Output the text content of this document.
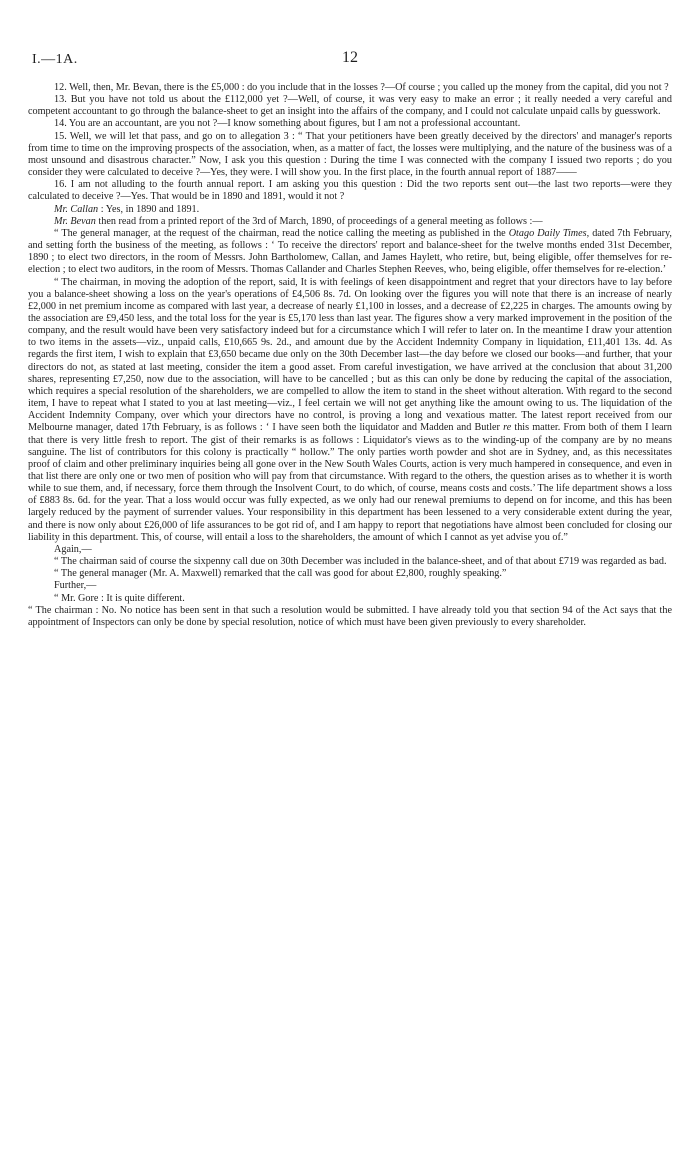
I.—1A.	12

12. Well, then, Mr. Bevan, there is the £5,000 : do you include that in the losses ?—Of course ; you called up the money from the capital, did you not ?

13. But you have not told us about the £112,000 yet ?—Well, of course, it was very easy to make an error ; it really needed a very careful and competent accountant to go through the balance-sheet to get an insight into the affairs of the company, and I could not calculate unpaid calls by guesswork.

14. You are an accountant, are you not ?—I know something about figures, but I am not a professional accountant.

15. Well, we will let that pass, and go on to allegation 3 : “ That your petitioners have been greatly deceived by the directors' and manager's reports from time to time on the improving prospects of the association, when, as a matter of fact, the losses were multiplying, and the nature of the business was of a most unsound and disastrous character.” Now, I ask you this question : During the time I was connected with the company I issued two reports ; do you consider they were calculated to deceive ?—Yes, they were. I will show you. In the first place, in the fourth annual report of 1887——

16. I am not alluding to the fourth annual report. I am asking you this question : Did the two reports sent out—the last two reports—were they calculated to deceive ?—Yes. That would be in 1890 and 1891, would it not ?

Mr. Callan : Yes, in 1890 and 1891.

Mr. Bevan then read from a printed report of the 3rd of March, 1890, of proceedings of a general meeting as follows :—

“ The general manager, at the request of the chairman, read the notice calling the meeting as published in the Otago Daily Times, dated 7th February, and setting forth the business of the meeting, as follows : ‘ To receive the directors' report and balance-sheet for the twelve months ended 31st December, 1890 ; to elect two directors, in the room of Messrs. John Bartholomew, Callan, and James Haylett, who retire, but, being eligible, offer themselves for re-election ; to elect two auditors, in the room of Messrs. Thomas Callander and Charles Stephen Reeves, who, being eligible, offer themselves for re-election.’

“ The chairman, in moving the adoption of the report, said, It is with feelings of keen disappointment and regret that your directors have to lay before you a balance-sheet showing a loss on the year's operations of £4,506 8s. 7d. On looking over the figures you will note that there is an increase of nearly £2,000 in net premium income as compared with last year, a decrease of nearly £1,100 in losses, and a decrease of £2,225 in charges. The amounts owing by the association are £9,450 less, and the total loss for the year is £5,170 less than last year. The figures show a very marked improvement in the position of the company, and the result would have been very satisfactory indeed but for a circumstance which I will refer to later on. In the meantime I draw your attention to two items in the assets—viz., unpaid calls, £10,665 9s. 2d., and amount due by the Accident Indemnity Company in liquidation, £11,401 13s. 4d. As regards the first item, I wish to explain that £3,650 became due only on the 30th December last—the day before we closed our books—and further, that your directors do not, as stated at last meeting, consider the item a good asset. From careful investigation, we have arrived at the conclusion that about 31,200 shares, representing £7,250, now due to the association, will have to be cancelled ; but as this can only be done by reducing the capital of the association, which requires a special resolution of the shareholders, we are compelled to allow the item to stand in the sheet without alteration. With regard to the second item, I have to repeat what I stated to you at last meeting—viz., I feel certain we will not get anything like the amount owing to us. The liquidation of the Accident Indemnity Company, over which your directors have no control, is proving a long and vexatious matter. The latest report received from our Melbourne manager, dated 17th February, is as follows : ‘ I have seen both the liquidator and Madden and Butler re this matter. From both of them I learn that there is very little fresh to report. The gist of their remarks is as follows : Liquidator's views as to the winding-up of the company are by no means sanguine. The list of contributors for this colony is practically “ hollow.” The only parties worth powder and shot are in Sydney, and, as this necessitates proof of claim and other preliminary inquiries being all gone over in the New South Wales Courts, action is very much hampered in consequence, and even in that list there are only one or two men of position who will pay from that circumstance. With regard to the others, the question arises as to whether it is worth while to sue them, and, if necessary, force them through the Insolvent Court, to do which, of course, means costs and costs.’ The life department shows a loss of £883 8s. 6d. for the year. That a loss would occur was fully expected, as we only had our renewal premiums to depend on for income, and this has been largely reduced by the payment of surrender values. Your responsibility in this department has been lessened to a very considerable extent during the year, and there is now only about £26,000 of life assurances to be got rid of, and I am happy to report that negotiations have almost been concluded for closing our liability in this department. This, of course, will entail a loss to the shareholders, the amount of which I cannot as yet advise you of.”

Again,—

“ The chairman said of course the sixpenny call due on 30th December was included in the balance-sheet, and of that about £719 was regarded as bad.

“ The general manager (Mr. A. Maxwell) remarked that the call was good for about £2,800, roughly speaking.”

Further,—

“ Mr. Gore : It is quite different.

“ The chairman : No. No notice has been sent in that such a resolution would be submitted. I have already told you that section 94 of the Act says that the appointment of Inspectors can only be done by special resolution, notice of which must have been given previously to every shareholder.
